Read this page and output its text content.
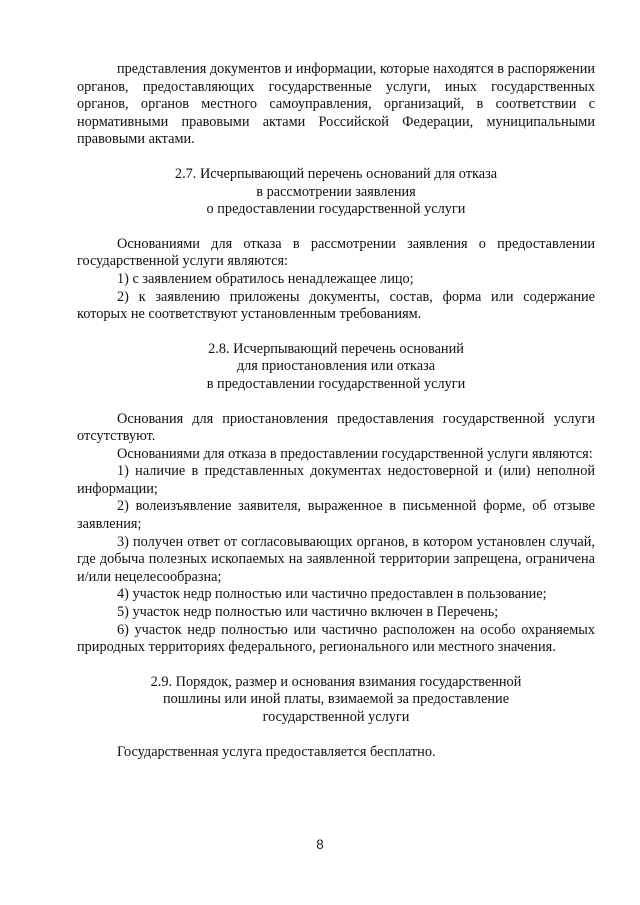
представления документов и информации, которые находятся в распоряжении органов, предоставляющих государственные услуги, иных государственных органов, органов местного самоуправления, организаций, в соответствии с нормативными правовыми актами Российской Федерации, муниципальными правовыми актами.

2.7. Исчерпывающий перечень оснований для отказа
в рассмотрении заявления
о предоставлении государственной услуги

Основаниями для отказа в рассмотрении заявления о предоставлении государственной услуги являются:

1) с заявлением обратилось ненадлежащее лицо;

2) к заявлению приложены документы, состав, форма или содержание которых не соответствуют установленным требованиям.

2.8. Исчерпывающий перечень оснований
для приостановления или отказа
в предоставлении государственной услуги

Основания для приостановления предоставления государственной услуги отсутствуют.

Основаниями для отказа в предоставлении государственной услуги являются:

1) наличие в представленных документах недостоверной и (или) неполной информации;

2) волеизъявление заявителя, выраженное в письменной форме, об отзыве заявления;

3) получен ответ от согласовывающих органов, в котором установлен случай, где добыча полезных ископаемых на заявленной территории запрещена, ограничена и/или нецелесообразна;

4) участок недр полностью или частично предоставлен в пользование;

5) участок недр полностью или частично включен в Перечень;

6) участок недр полностью или частично расположен на особо охраняемых природных территориях федерального, регионального или местного значения.

2.9. Порядок, размер и основания взимания государственной
пошлины или иной платы, взимаемой за предоставление
государственной услуги

Государственная услуга предоставляется бесплатно.

8
